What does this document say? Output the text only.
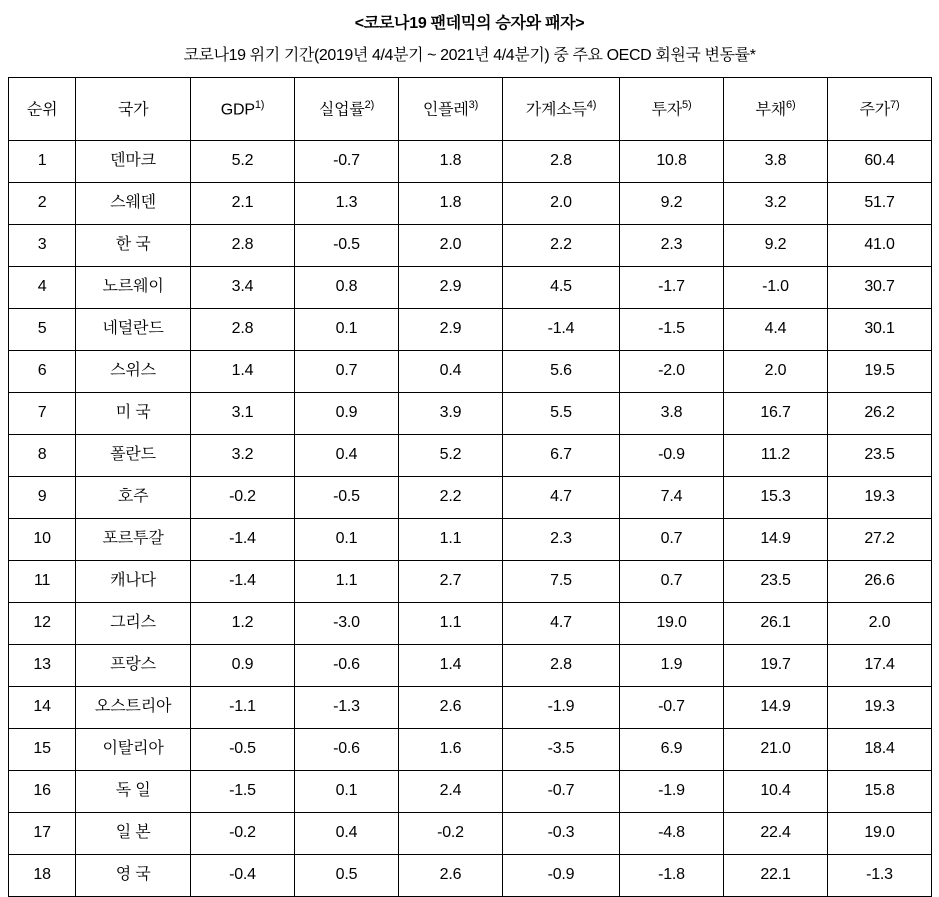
<코로나19 팬데믹의 승자와 패자>
코로나19 위기 기간(2019년 4/4분기 ~ 2021년 4/4분기) 중 주요 OECD 회원국 변동률*
순위	국가	GDP$^{1)}$	실업률$^{2)}$	인플레$^{3)}$	가계소득$^{4)}$	투자$^{5)}$	부채$^{6)}$	주가$^{7)}$
1	덴마크	5.2	-0.7	1.8	2.8	10.8	3.8	60.4
2	스웨덴	2.1	1.3	1.8	2.0	9.2	3.2	51.7
3	한 국	2.8	-0.5	2.0	2.2	2.3	9.2	41.0
4	노르웨이	3.4	0.8	2.9	4.5	-1.7	-1.0	30.7
5	네덜란드	2.8	0.1	2.9	-1.4	-1.5	4.4	30.1
6	스위스	1.4	0.7	0.4	5.6	-2.0	2.0	19.5
7	미 국	3.1	0.9	3.9	5.5	3.8	16.7	26.2
8	폴란드	3.2	0.4	5.2	6.7	-0.9	11.2	23.5
9	호주	-0.2	-0.5	2.2	4.7	7.4	15.3	19.3
10	포르투갈	-1.4	0.1	1.1	2.3	0.7	14.9	27.2
11	캐나다	-1.4	1.1	2.7	7.5	0.7	23.5	26.6
12	그리스	1.2	-3.0	1.1	4.7	19.0	26.1	2.0
13	프랑스	0.9	-0.6	1.4	2.8	1.9	19.7	17.4
14	오스트리아	-1.1	-1.3	2.6	-1.9	-0.7	14.9	19.3
15	이탈리아	-0.5	-0.6	1.6	-3.5	6.9	21.0	18.4
16	독 일	-1.5	0.1	2.4	-0.7	-1.9	10.4	15.8
17	일 본	-0.2	0.4	-0.2	-0.3	-4.8	22.4	19.0
18	영 국	-0.4	0.5	2.6	-0.9	-1.8	22.1	-1.3
